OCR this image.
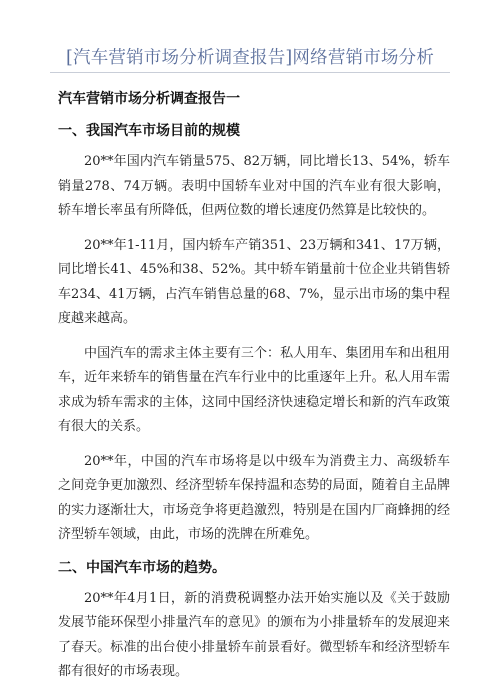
[汽车营销市场分析调查报告]网络营销市场分析

汽车营销市场分析调查报告一

一、我国汽车市场目前的规模

20**年国内汽车销量575、82万辆，同比增长13、54%，轿车销量278、74万辆。表明中国轿车业对中国的汽车业有很大影响，轿车增长率虽有所降低，但两位数的增长速度仍然算是比较快的。

20**年1-11月，国内轿车产销351、23万辆和341、17万辆，同比增长41、45%和38、52%。其中轿车销量前十位企业共销售轿车234、41万辆，占汽车销售总量的68、7%，显示出市场的集中程度越来越高。

中国汽车的需求主体主要有三个：私人用车、集团用车和出租用车，近年来轿车的销售量在汽车行业中的比重逐年上升。私人用车需求成为轿车需求的主体，这同中国经济快速稳定增长和新的汽车政策有很大的关系。

20**年，中国的汽车市场将是以中级车为消费主力、高级轿车之间竞争更加激烈、经济型轿车保持温和态势的局面，随着自主品牌的实力逐渐壮大，市场竞争将更趋激烈，特别是在国内厂商蜂拥的经济型轿车领域，由此，市场的洗牌在所难免。

二、中国汽车市场的趋势。

20**年4月1日，新的消费税调整办法开始实施以及《关于鼓励发展节能环保型小排量汽车的意见》的颁布为小排量轿车的发展迎来了春天。标准的出台使小排量轿车前景看好。微型轿车和经济型轿车都有很好的市场表现。
